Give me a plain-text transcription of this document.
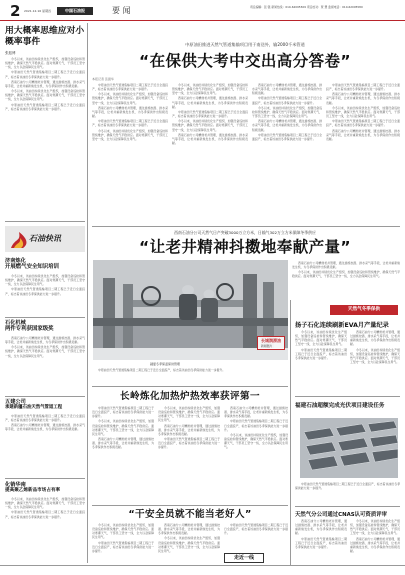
2 2021.12.16 星期四	中国石油报	要 闻	责任编辑：张 强 新闻热线：010-62095509 责任校对：贾 慧 监督电话：010-62095580
用大概率思维应对小概率事件
张振博

今冬以来，该油田持续优化生产组织，加强设备巡检和管线维护，确保天然气平稳供应。面对寒潮天气，干部员工坚守一线，全力以赴保障民生用气。

中原油田天然气管道集输项目二期工程已于近日全面投产，标志着该油田冬季保供能力进一步提升。

西南石油分公司精细老井管理，通过措施挖潜、排水采气等手段，让老井重新焕发生机，为冬季保供作出积极贡献。

今冬以来，该油田持续优化生产组织，加强设备巡检和管线维护，确保天然气平稳供应。面对寒潮天气，干部员工坚守一线，全力以赴保障民生用气。

中原油田天然气管道集输项目二期工程已于近日全面投产，标志着该油田冬季保供能力进一步提升。

石油快讯
济南炼化
开展燃气安全知识培训

今冬以来，该油田持续优化生产组织，加强设备巡检和管线维护，确保天然气平稳供应。面对寒潮天气，干部员工坚守一线，全力以赴保障民生用气。

中原油田天然气管道集输项目二期工程已于近日全面投产，标志着该油田冬季保供能力进一步提升。

石化机械
两件专利获国家级奖

西南石油分公司精细老井管理，通过措施挖潜、排水采气等手段，让老井重新焕发生机，为冬季保供作出积极贡献。

今冬以来，该油田持续优化生产组织，加强设备巡检和管线维护，确保天然气平稳供应。面对寒潮天气，干部员工坚守一线，全力以赴保障民生用气。

五建公司
承建新疆石油天然气管道工程

中原油田天然气管道集输项目二期工程已于近日全面投产，标志着该油田冬季保供能力进一步提升。

西南石油分公司精细老井管理，通过措施挖潜、排水采气等手段，让老井重新焕发生机，为冬季保供作出积极贡献。

化销华南
提高聚乙烯新品市场占有率

今冬以来，该油田持续优化生产组织，加强设备巡检和管线维护，确保天然气平稳供应。面对寒潮天气，干部员工坚守一线，全力以赴保障民生用气。

中原油田天然气管道集输项目二期工程已于近日全面投产，标志着该油田冬季保供能力进一步提升。

中原油田推进天然气管道集输项目用于南送外，输2000千米管道
“在保供大考中交出高分答卷”
本报记者 张振华

中原油田天然气管道集输项目二期工程已于近日全面投产，标志着该油田冬季保供能力进一步提升。

今冬以来，该油田持续优化生产组织，加强设备巡检和管线维护，确保天然气平稳供应。面对寒潮天气，干部员工坚守一线，全力以赴保障民生用气。

西南石油分公司精细老井管理，通过措施挖潜、排水采气等手段，让老井重新焕发生机，为冬季保供作出积极贡献。

中原油田天然气管道集输项目二期工程已于近日全面投产，标志着该油田冬季保供能力进一步提升。

今冬以来，该油田持续优化生产组织，加强设备巡检和管线维护，确保天然气平稳供应。面对寒潮天气，干部员工坚守一线，全力以赴保障民生用气。

今冬以来，该油田持续优化生产组织，加强设备巡检和管线维护，确保天然气平稳供应。面对寒潮天气，干部员工坚守一线，全力以赴保障民生用气。

西南石油分公司精细老井管理，通过措施挖潜、排水采气等手段，让老井重新焕发生机，为冬季保供作出积极贡献。

中原油田天然气管道集输项目二期工程已于近日全面投产，标志着该油田冬季保供能力进一步提升。

今冬以来，该油田持续优化生产组织，加强设备巡检和管线维护，确保天然气平稳供应。面对寒潮天气，干部员工坚守一线，全力以赴保障民生用气。

西南石油分公司精细老井管理，通过措施挖潜、排水采气等手段，让老井重新焕发生机，为冬季保供作出积极贡献。

西南石油分公司精细老井管理，通过措施挖潜、排水采气等手段，让老井重新焕发生机，为冬季保供作出积极贡献。

中原油田天然气管道集输项目二期工程已于近日全面投产，标志着该油田冬季保供能力进一步提升。

今冬以来，该油田持续优化生产组织，加强设备巡检和管线维护，确保天然气平稳供应。面对寒潮天气，干部员工坚守一线，全力以赴保障民生用气。

西南石油分公司精细老井管理，通过措施挖潜、排水采气等手段，让老井重新焕发生机，为冬季保供作出积极贡献。

中原油田天然气管道集输项目二期工程已于近日全面投产，标志着该油田冬季保供能力进一步提升。

中原油田天然气管道集输项目二期工程已于近日全面投产，标志着该油田冬季保供能力进一步提升。

西南石油分公司精细老井管理，通过措施挖潜、排水采气等手段，让老井重新焕发生机，为冬季保供作出积极贡献。

今冬以来，该油田持续优化生产组织，加强设备巡检和管线维护，确保天然气平稳供应。面对寒潮天气，干部员工坚守一线，全力以赴保障民生用气。

中原油田天然气管道集输项目二期工程已于近日全面投产，标志着该油田冬季保供能力进一步提升。

西南石油分公司精细老井管理，通过措施挖潜、排水采气等手段，让老井重新焕发生机，为冬季保供作出积极贡献。

西南石油分公司天然气日产突破3000万立方米，日输气302万立方米保障冬季供应
“让老井精神抖擞地奉献产量”

西南石油分公司精细老井管理，通过措施挖潜、排水采气等手段，让老井重新焕发生机，为冬季保供作出积极贡献。

今冬以来，该油田持续优化生产组织，加强设备巡检和管线维护，确保天然气平稳供应。面对寒潮天气，干部员工坚守一线，全力以赴保障民生用气。

长城润滑油
新闻图片
越夏冬季保温保供管理

中原油田天然气管道集输项目二期工程已于近日全面投产，标志着该油田冬季保供能力进一步提升。

天然气冬季保供
扬子石化连续刷新EVA月产量纪录

今冬以来，该油田持续优化生产组织，加强设备巡检和管线维护，确保天然气平稳供应。面对寒潮天气，干部员工坚守一线，全力以赴保障民生用气。

中原油田天然气管道集输项目二期工程已于近日全面投产，标志着该油田冬季保供能力进一步提升。

西南石油分公司精细老井管理，通过措施挖潜、排水采气等手段，让老井重新焕发生机，为冬季保供作出积极贡献。

今冬以来，该油田持续优化生产组织，加强设备巡检和管线维护，确保天然气平稳供应。面对寒潮天气，干部员工坚守一线，全力以赴保障民生用气。

福建石油超额完成光伏项目建设任务

中原油田天然气管道集输项目二期工程已于近日全面投产，标志着该油田冬季保供能力进一步提升。

天然气分公司通过CNAS认可资质评审

西南石油分公司精细老井管理，通过措施挖潜、排水采气等手段，让老井重新焕发生机，为冬季保供作出积极贡献。

中原油田天然气管道集输项目二期工程已于近日全面投产，标志着该油田冬季保供能力进一步提升。

今冬以来，该油田持续优化生产组织，加强设备巡检和管线维护，确保天然气平稳供应。面对寒潮天气，干部员工坚守一线，全力以赴保障民生用气。

西南石油分公司精细老井管理，通过措施挖潜、排水采气等手段，让老井重新焕发生机，为冬季保供作出积极贡献。

长岭炼化加热炉热效率获评第一

中原油田天然气管道集输项目二期工程已于近日全面投产，标志着该油田冬季保供能力进一步提升。

今冬以来，该油田持续优化生产组织，加强设备巡检和管线维护，确保天然气平稳供应。面对寒潮天气，干部员工坚守一线，全力以赴保障民生用气。

西南石油分公司精细老井管理，通过措施挖潜、排水采气等手段，让老井重新焕发生机，为冬季保供作出积极贡献。

今冬以来，该油田持续优化生产组织，加强设备巡检和管线维护，确保天然气平稳供应。面对寒潮天气，干部员工坚守一线，全力以赴保障民生用气。

西南石油分公司精细老井管理，通过措施挖潜、排水采气等手段，让老井重新焕发生机，为冬季保供作出积极贡献。

中原油田天然气管道集输项目二期工程已于近日全面投产，标志着该油田冬季保供能力进一步提升。

西南石油分公司精细老井管理，通过措施挖潜、排水采气等手段，让老井重新焕发生机，为冬季保供作出积极贡献。

中原油田天然气管道集输项目二期工程已于近日全面投产，标志着该油田冬季保供能力进一步提升。

今冬以来，该油田持续优化生产组织，加强设备巡检和管线维护，确保天然气平稳供应。面对寒潮天气，干部员工坚守一线，全力以赴保障民生用气。

“干安全员就不能当老好人”

今冬以来，该油田持续优化生产组织，加强设备巡检和管线维护，确保天然气平稳供应。面对寒潮天气，干部员工坚守一线，全力以赴保障民生用气。

中原油田天然气管道集输项目二期工程已于近日全面投产，标志着该油田冬季保供能力进一步提升。

西南石油分公司精细老井管理，通过措施挖潜、排水采气等手段，让老井重新焕发生机，为冬季保供作出积极贡献。

今冬以来，该油田持续优化生产组织，加强设备巡检和管线维护，确保天然气平稳供应。面对寒潮天气，干部员工坚守一线，全力以赴保障民生用气。

中原油田天然气管道集输项目二期工程已于近日全面投产，标志着该油田冬季保供能力进一步提升。

走近一线
